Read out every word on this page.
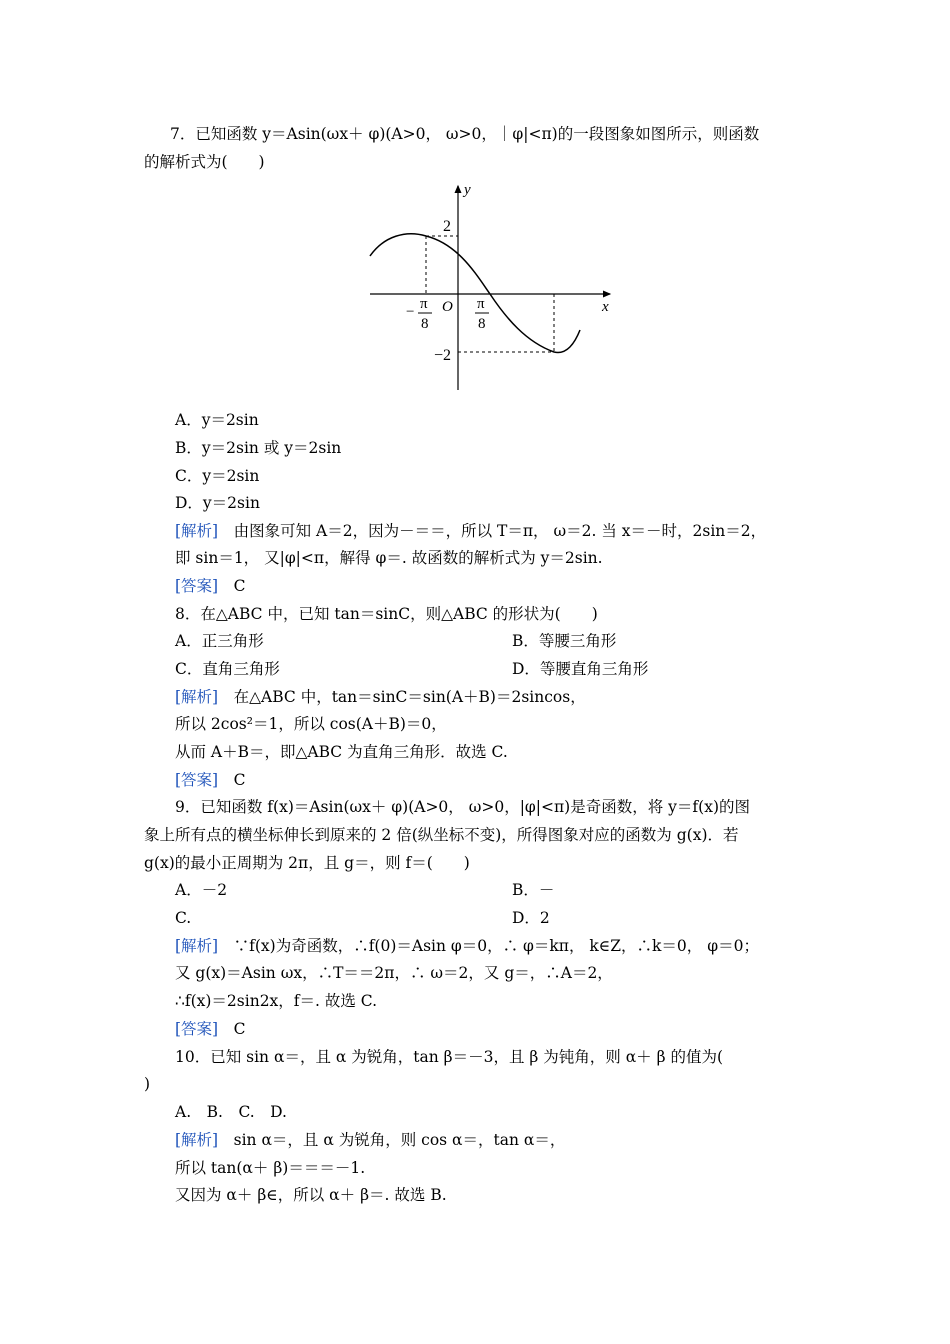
7．已知函数 y＝Asin(ωx＋ φ)(A>0， ω>0，｜φ|<π)的一段图象如图所示，则函数
的解析式为(　　)
y
x
O
2
−2
− π
8
π
8
A．y＝2sin
B．y＝2sin 或 y＝2sin
C．y＝2sin
D．y＝2sin
[解析]　 由图象可知 A＝2，因为－＝＝，所以 T＝π， ω＝2. 当 x＝－时，2sin＝2，
即 sin＝1， 又|φ|<π，解得 φ＝. 故函数的解析式为 y＝2sin.
[答案]　 C
8．在△ABC 中，已知 tan＝sinC，则△ABC 的形状为(　　)
A．正三角形	B．等腰三角形
C．直角三角形	D．等腰直角三角形
[解析]　 在△ABC 中，tan＝sinC＝sin(A＋B)＝2sincos，
所以 2cos²＝1，所以 cos(A＋B)＝0，
从而 A＋B＝，即△ABC 为直角三角形．故选 C.
[答案]　 C
9．已知函数 f(x)＝Asin(ωx＋ φ)(A>0， ω>0，|φ|<π)是奇函数，将 y＝f(x)的图
象上所有点的横坐标伸长到原来的 2 倍(纵坐标不变)，所得图象对应的函数为 g(x)．若
g(x)的最小正周期为 2π，且 g＝，则 f＝(　　)
A．－2	B．－
C.	D．2
[解析]　 ∵f(x)为奇函数，∴f(0)＝Asin φ＝0，∴ φ＝kπ， k∈Z，∴k＝0， φ＝0；
又 g(x)＝Asin ωx，∴T＝＝2π，∴ ω＝2，又 g＝，∴A＝2，
∴f(x)＝2sin2x，f＝. 故选 C.
[答案]　 C
10．已知 sin α＝，且 α 为锐角，tan β＝－3，且 β 为钝角，则 α＋ β 的值为(
)
A.　B.　C.　D.
[解析]　 sin α＝，且 α 为锐角，则 cos α＝，tan α＝，
所以 tan(α＋ β)＝＝＝－1.
又因为 α＋ β∈，所以 α＋ β＝. 故选 B.
